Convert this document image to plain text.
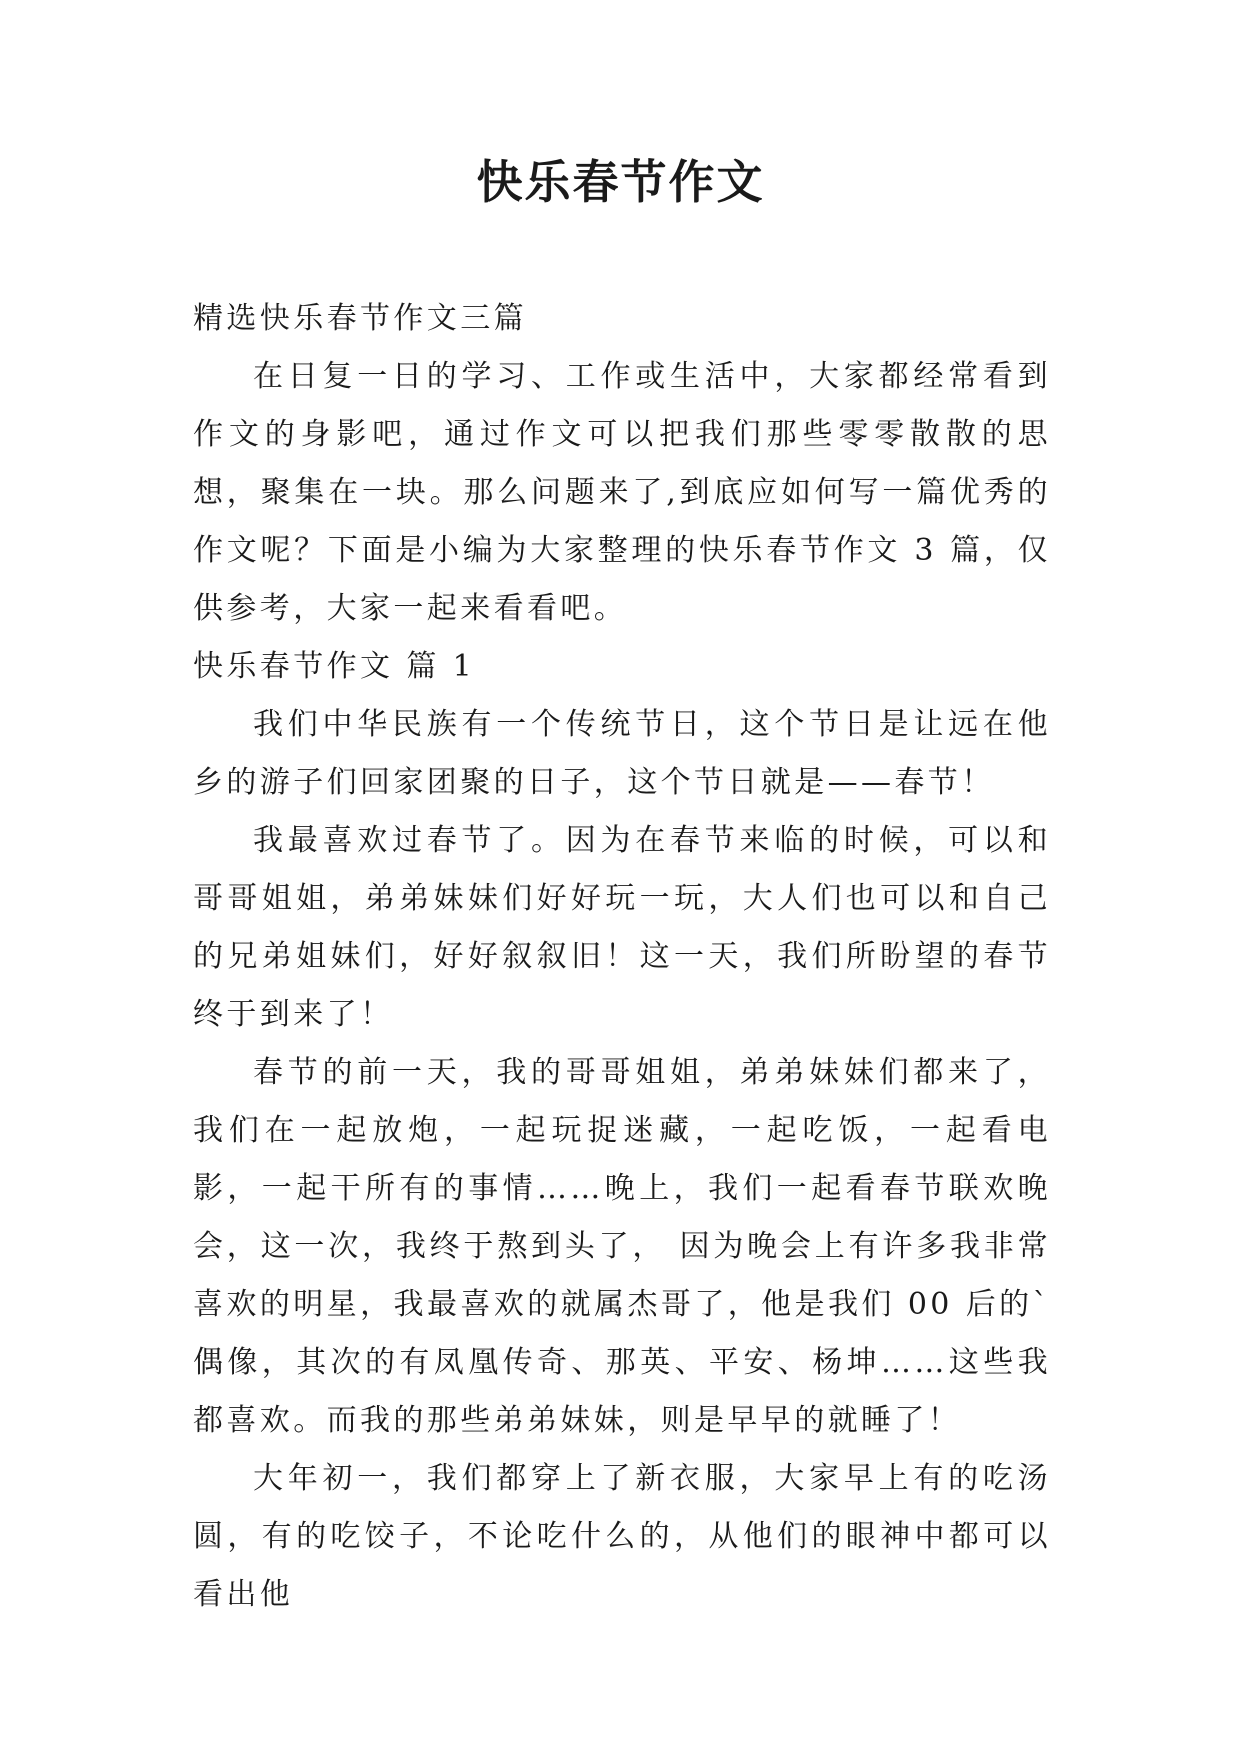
快乐春节作文

精选快乐春节作文三篇

在日复一日的学习、工作或生活中，大家都经常看到作文的身影吧，通过作文可以把我们那些零零散散的思想，聚集在一块。那么问题来了,到底应如何写一篇优秀的作文呢？下面是小编为大家整理的快乐春节作文 3 篇，仅供参考，大家一起来看看吧。

快乐春节作文 篇 1

我们中华民族有一个传统节日，这个节日是让远在他乡的游子们回家团聚的日子，这个节日就是——春节！

我最喜欢过春节了。因为在春节来临的时候，可以和哥哥姐姐，弟弟妹妹们好好玩一玩，大人们也可以和自己的兄弟姐妹们，好好叙叙旧！这一天，我们所盼望的春节终于到来了！

春节的前一天，我的哥哥姐姐，弟弟妹妹们都来了，我们在一起放炮，一起玩捉迷藏，一起吃饭，一起看电影，一起干所有的事情……晚上，我们一起看春节联欢晚会，这一次，我终于熬到头了， 因为晚会上有许多我非常喜欢的明星，我最喜欢的就属杰哥了，他是我们 00 后的`偶像，其次的有凤凰传奇、那英、平安、杨坤……这些我都喜欢。而我的那些弟弟妹妹，则是早早的就睡了！

大年初一，我们都穿上了新衣服，大家早上有的吃汤圆，有的吃饺子，不论吃什么的，从他们的眼神中都可以看出他
